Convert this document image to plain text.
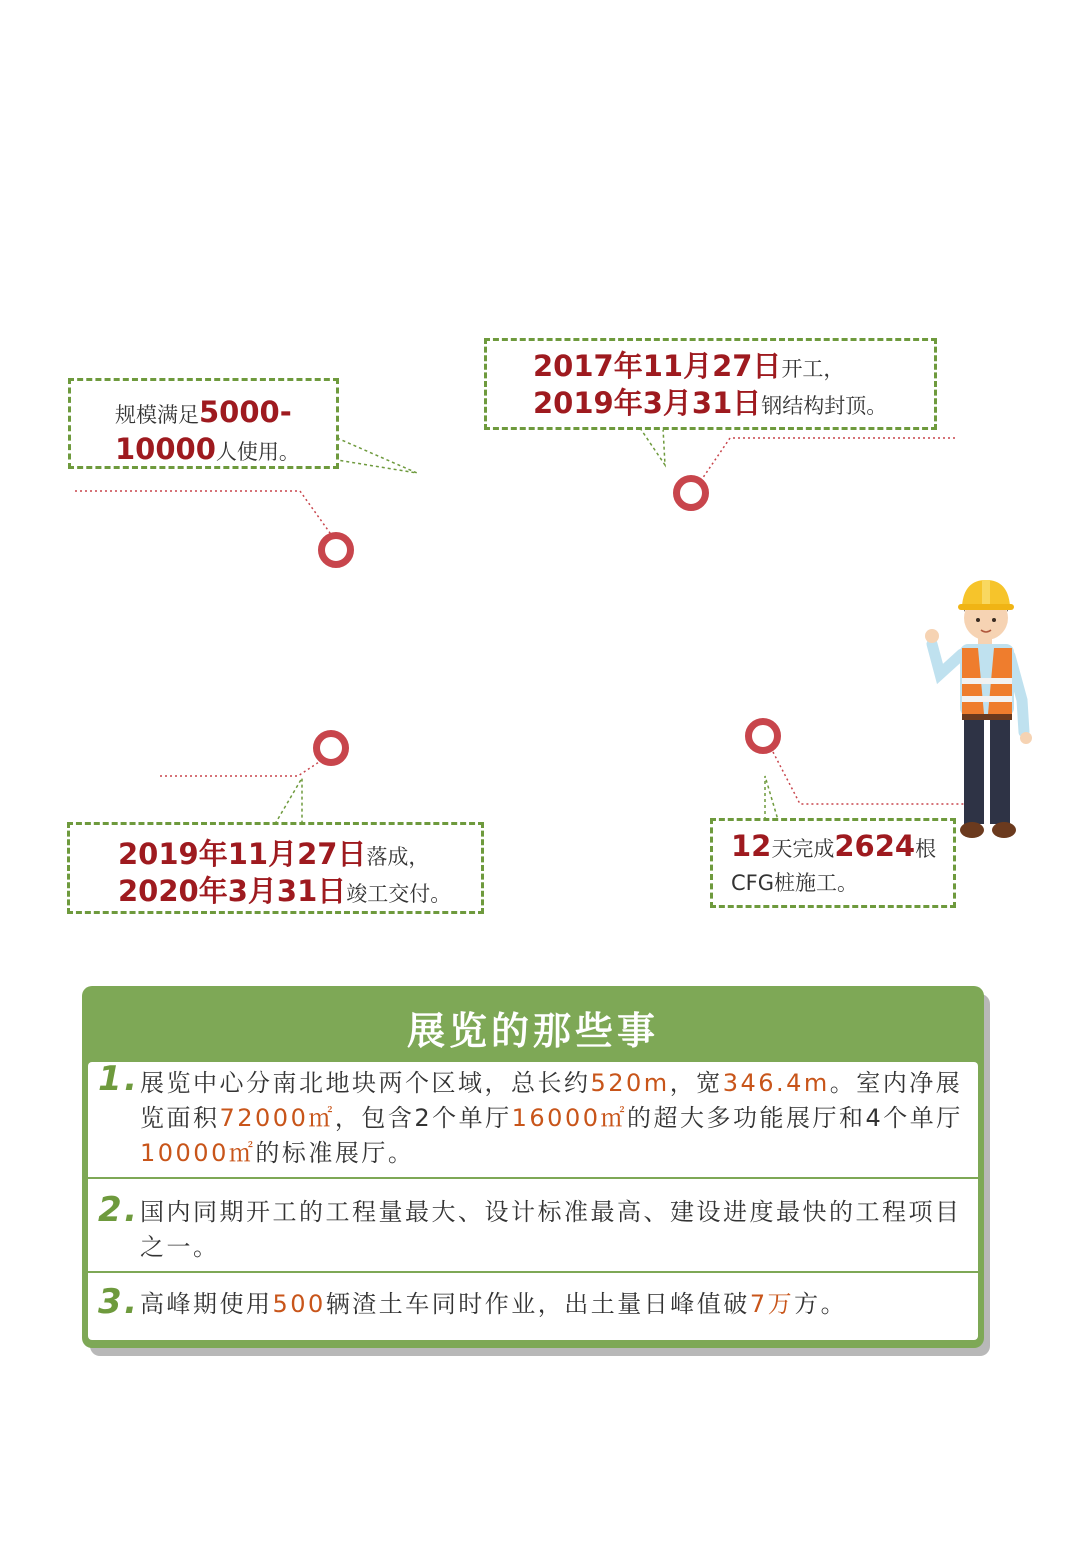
规模满足5000-
10000人使用。
2017年11月27日开工，
2019年3月31日钢结构封顶。
2019年11月27日落成，
2020年3月31日竣工交付。
12天完成2624根
CFG桩施工。
展览的那些事
1. 展览中心分南北地块两个区域，总长约520m，宽346.4m。室内净展览面积72000㎡，包含2个单厅16000㎡的超大多功能展厅和4个单厅10000㎡的标准展厅。
2. 国内同期开工的工程量最大、设计标准最高、建设进度最快的工程项目之一。
3. 高峰期使用500辆渣土车同时作业，出土量日峰值破7万方。
